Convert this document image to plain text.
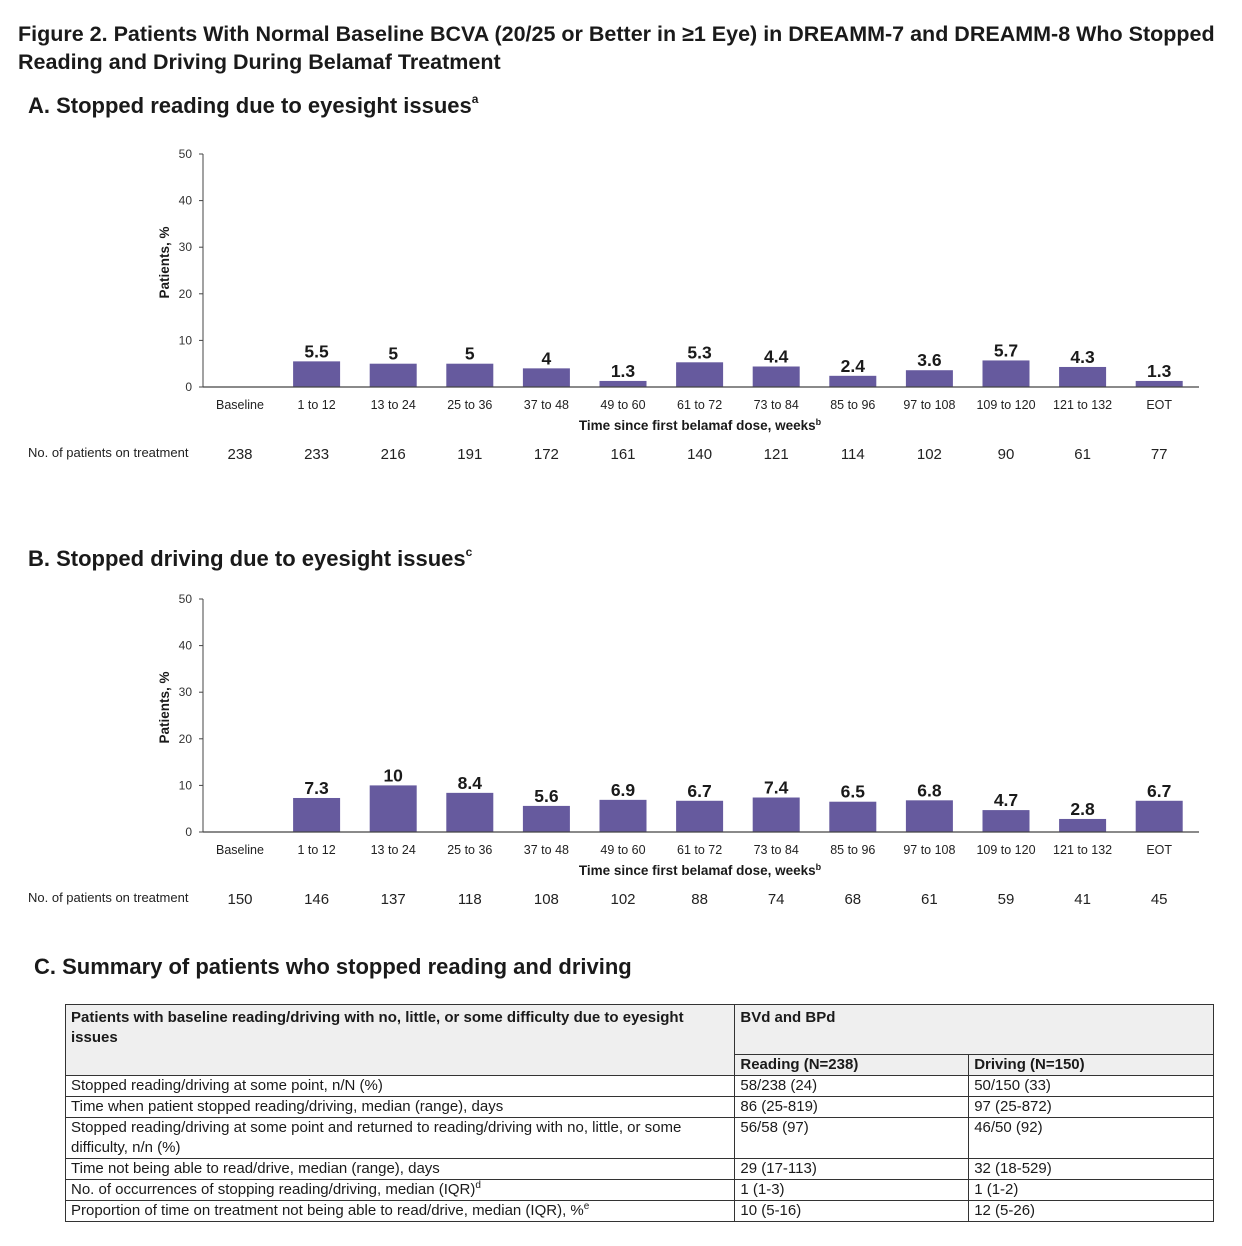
Figure 2. Patients With Normal Baseline BCVA (20/25 or Better in ≥1 Eye) in DREAMM-7 and DREAMM-8 Who Stopped Reading and Driving During Belamaf Treatment
A. Stopped reading due to eyesight issues$^a$
0
10
20
30
40
50
Patients, %
Baseline
5.5
1 to 12
5
13 to 24
5
25 to 36
4
37 to 48
1.3
49 to 60
5.3
61 to 72
4.4
73 to 84
2.4
85 to 96
3.6
97 to 108
5.7
109 to 120
4.3
121 to 132
1.3
EOT
Time since first belamaf dose, weeks$^b$
No. of patients on treatment	238	233	216	191	172	161	140	121	114	102	90	61	77
B. Stopped driving due to eyesight issues$^c$
0
10
20
30
40
50
Patients, %
Baseline
7.3
1 to 12
10
13 to 24
8.4
25 to 36
5.6
37 to 48
6.9
49 to 60
6.7
61 to 72
7.4
73 to 84
6.5
85 to 96
6.8
97 to 108
4.7
109 to 120
2.8
121 to 132
6.7
EOT
Time since first belamaf dose, weeks$^b$
No. of patients on treatment	150	146	137	118	108	102	88	74	68	61	59	41	45
C. Summary of patients who stopped reading and driving
Patients with baseline reading/driving with no, little, or some difficulty due to eyesight issues	BVd and BPd	
	Reading (N=238)	Driving (N=150)
Stopped reading/driving at some point, n/N (%)	58/238 (24)	50/150 (33)
Time when patient stopped reading/driving, median (range), days	86 (25-819)	97 (25-872)
Stopped reading/driving at some point and returned to reading/driving with no, little, or some difficulty, n/n (%)	56/58 (97)	46/50 (92)
Time not being able to read/drive, median (range), days	29 (17-113)	32 (18-529)
No. of occurrences of stopping reading/driving, median (IQR)$^d$	1 (1-3)	1 (1-2)
Proportion of time on treatment not being able to read/drive, median (IQR), %$^e$	10 (5-16)	12 (5-26)
